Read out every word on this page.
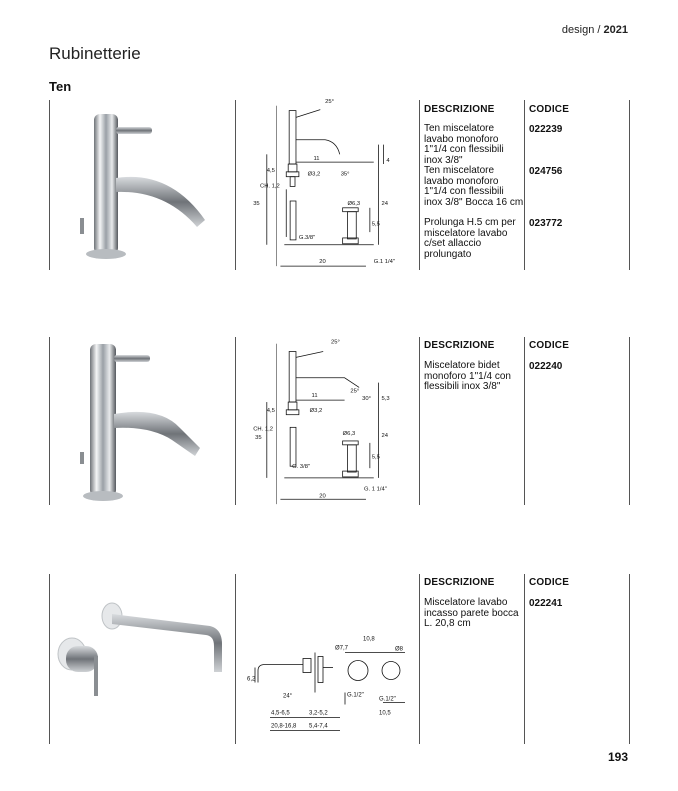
design / 2021
Rubinetterie
Ten
25°
11	4
Ø3,2	35°
CH. 1,2
4,5
35	Ø6,3	24
5,5
G.3/8"
20	G.1 1/4"
DESCRIZIONE	CODICE
Ten miscelatore lavabo monoforo 1"1/4 con flessibili inox 3/8"
022239
Ten miscelatore lavabo monoforo 1"1/4 con flessibili inox 3/8" Bocca 16 cm
024756
Prolunga H.5 cm per miscelatore lavabo c/set allaccio prolungato
023772
25°
25°
30° 5,3
11
Ø3,2
4,5
CH. 1,2
35
Ø6,3	24
5,5
G. 3/8"
20
G. 1 1/4"
DESCRIZIONE	CODICE
Miscelatore bidet monoforo 1"1/4 con flessibili inox 3/8"
022240
Ø7,7
10,8
Ø8
6,2
24°	G.1/2"
G.1/2"
4,5-6,5	3,2-5,2	10,5
20,8-16,8 5,4-7,4
DESCRIZIONE	CODICE
Miscelatore lavabo incasso parete bocca L. 20,8 cm
022241
193
